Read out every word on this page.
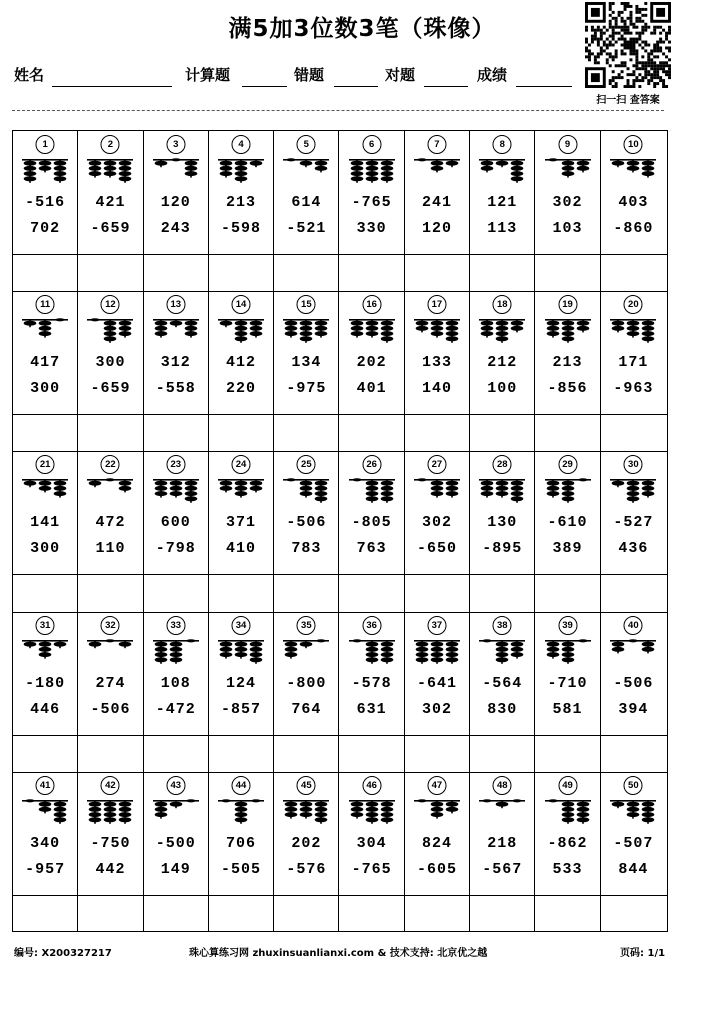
满5加3位数3笔（珠像）
扫一扫 查答案
姓名	计算题	错题	对题	成绩
1
-516
702
2
421
-659
3
120
243
4
213
-598
5
614
-521
6
-765
330
7
241
120
8
121
113
9
302
103
10
403
-860
11
417
300
12
300
-659
13
312
-558
14
412
220
15
134
-975
16
202
401
17
133
140
18
212
100
19
213
-856
20
171
-963
21
141
300
22
472
110
23
600
-798
24
371
410
25
-506
783
26
-805
763
27
302
-650
28
130
-895
29
-610
389
30
-527
436
31
-180
446
32
274
-506
33
108
-472
34
124
-857
35
-800
764
36
-578
631
37
-641
302
38
-564
830
39
-710
581
40
-506
394
41
340
-957
42
-750
442
43
-500
149
44
706
-505
45
202
-576
46
304
-765
47
824
-605
48
218
-567
49
-862
533
50
-507
844
编号: X200327217	珠心算练习网 zhuxinsuanlianxi.com & 技术支持: 北京优之越	页码: 1/1
